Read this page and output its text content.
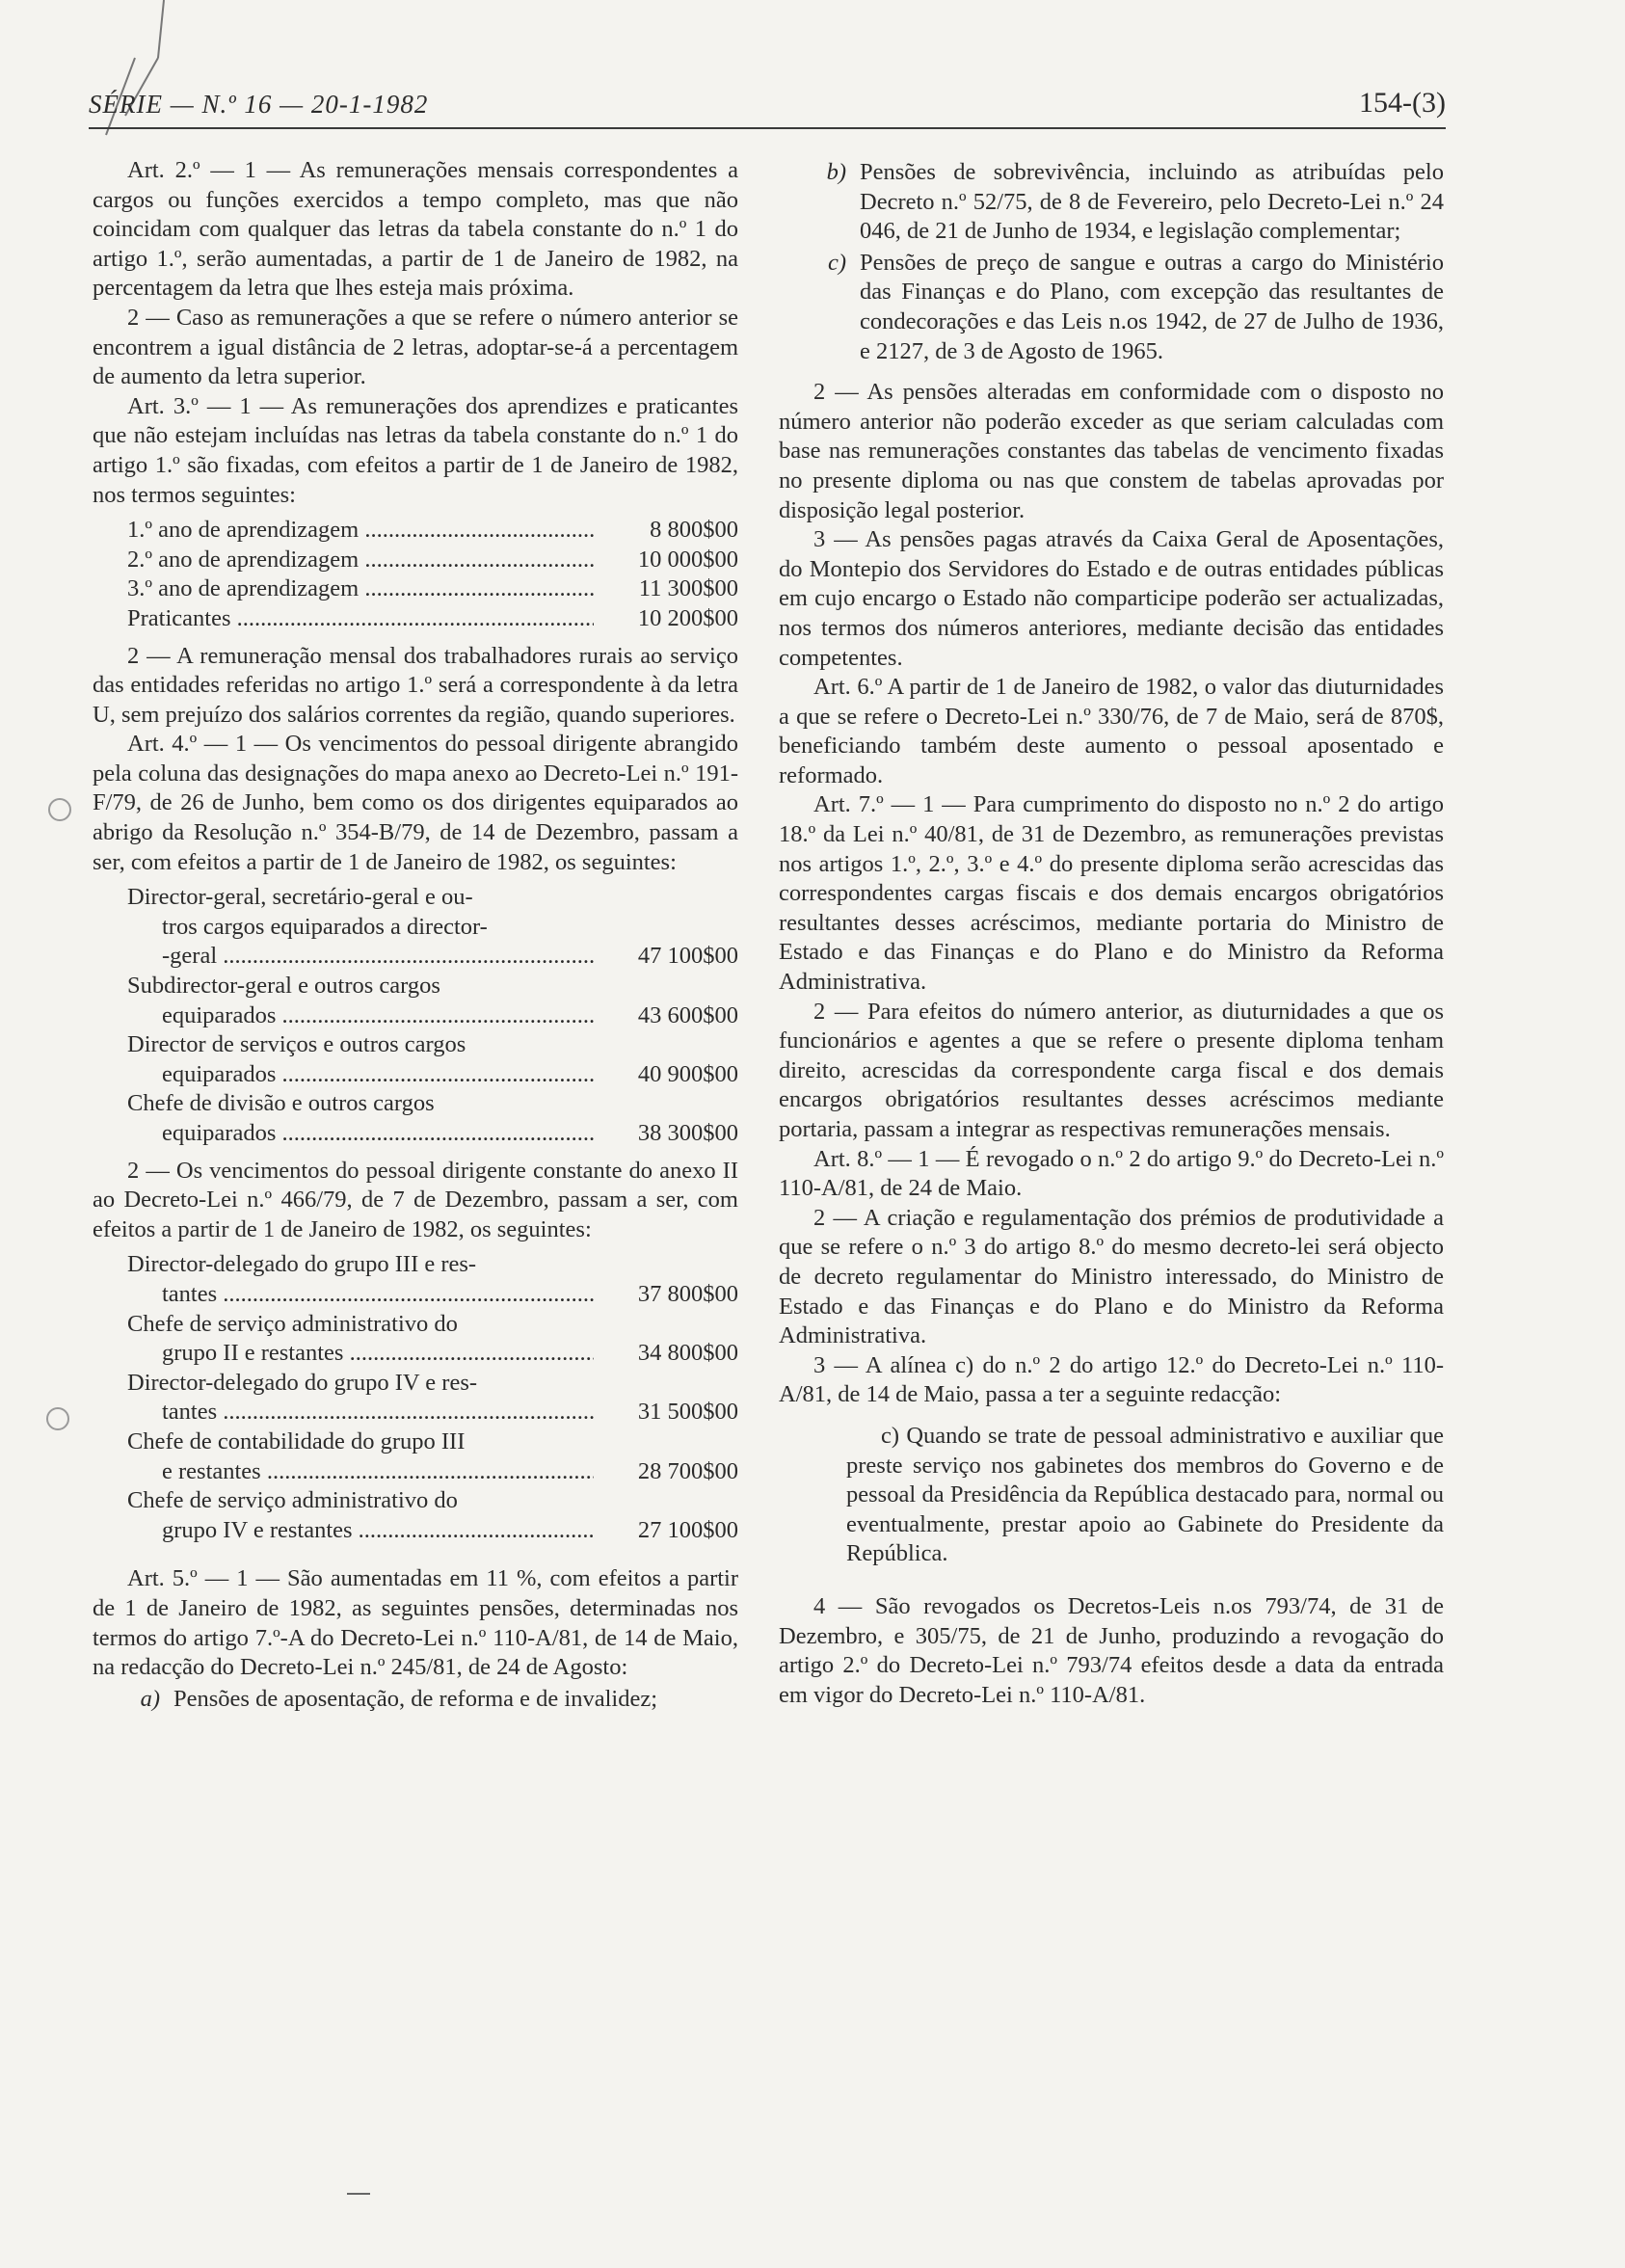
SÉRIE — N.º 16 — 20-1-1982	154-(3)

Art. 2.º — 1 — As remunerações mensais correspondentes a cargos ou funções exercidos a tempo completo, mas que não coincidam com qualquer das letras da tabela constante do n.º 1 do artigo 1.º, serão aumentadas, a partir de 1 de Janeiro de 1982, na percentagem da letra que lhes esteja mais próxima.

2 — Caso as remunerações a que se refere o número anterior se encontrem a igual distância de 2 letras, adoptar-se-á a percentagem de aumento da letra superior.

Art. 3.º — 1 — As remunerações dos aprendizes e praticantes que não estejam incluídas nas letras da tabela constante do n.º 1 do artigo 1.º são fixadas, com efeitos a partir de 1 de Janeiro de 1982, nos termos seguintes:

1.º ano de aprendizagem .....	8 800$00
2.º ano de aprendizagem .....	10 000$00
3.º ano de aprendizagem .....	11 300$00
Praticantes .....	10 200$00

2 — A remuneração mensal dos trabalhadores rurais ao serviço das entidades referidas no artigo 1.º será a correspondente à da letra U, sem prejuízo dos salários correntes da região, quando superiores.

Art. 4.º — 1 — Os vencimentos do pessoal dirigente abrangido pela coluna das designações do mapa anexo ao Decreto-Lei n.º 191-F/79, de 26 de Junho, bem como os dos dirigentes equiparados ao abrigo da Resolução n.º 354-B/79, de 14 de Dezembro, passam a ser, com efeitos a partir de 1 de Janeiro de 1982, os seguintes:

Director-geral, secretário-geral e ou-
tros cargos equiparados a director-
-geral .....	47 100$00
Subdirector-geral e outros cargos
equiparados .....	43 600$00
Director de serviços e outros cargos
equiparados .....	40 900$00
Chefe de divisão e outros cargos
equiparados .....	38 300$00

2 — Os vencimentos do pessoal dirigente constante do anexo II ao Decreto-Lei n.º 466/79, de 7 de Dezembro, passam a ser, com efeitos a partir de 1 de Janeiro de 1982, os seguintes:

Director-delegado do grupo III e res-
tantes .....	37 800$00
Chefe de serviço administrativo do
grupo II e restantes .....	34 800$00
Director-delegado do grupo IV e res-
tantes .....	31 500$00
Chefe de contabilidade do grupo III
e restantes .....	28 700$00
Chefe de serviço administrativo do
grupo IV e restantes .....	27 100$00

Art. 5.º — 1 — São aumentadas em 11 %, com efeitos a partir de 1 de Janeiro de 1982, as seguintes pensões, determinadas nos termos do artigo 7.º-A do Decreto-Lei n.º 110-A/81, de 14 de Maio, na redacção do Decreto-Lei n.º 245/81, de 24 de Agosto:

a) Pensões de aposentação, de reforma e de invalidez;
b) Pensões de sobrevivência, incluindo as atribuídas pelo Decreto n.º 52/75, de 8 de Fevereiro, pelo Decreto-Lei n.º 24 046, de 21 de Junho de 1934, e legislação complementar;
c) Pensões de preço de sangue e outras a cargo do Ministério das Finanças e do Plano, com excepção das resultantes de condecorações e das Leis n.os 1942, de 27 de Julho de 1936, e 2127, de 3 de Agosto de 1965.

2 — As pensões alteradas em conformidade com o disposto no número anterior não poderão exceder as que seriam calculadas com base nas remunerações constantes das tabelas de vencimento fixadas no presente diploma ou nas que constem de tabelas aprovadas por disposição legal posterior.

3 — As pensões pagas através da Caixa Geral de Aposentações, do Montepio dos Servidores do Estado e de outras entidades públicas em cujo encargo o Estado não comparticipe poderão ser actualizadas, nos termos dos números anteriores, mediante decisão das entidades competentes.

Art. 6.º A partir de 1 de Janeiro de 1982, o valor das diuturnidades a que se refere o Decreto-Lei n.º 330/76, de 7 de Maio, será de 870$, beneficiando também deste aumento o pessoal aposentado e reformado.

Art. 7.º — 1 — Para cumprimento do disposto no n.º 2 do artigo 18.º da Lei n.º 40/81, de 31 de Dezembro, as remunerações previstas nos artigos 1.º, 2.º, 3.º e 4.º do presente diploma serão acrescidas das correspondentes cargas fiscais e dos demais encargos obrigatórios resultantes desses acréscimos, mediante portaria do Ministro de Estado e das Finanças e do Plano e do Ministro da Reforma Administrativa.

2 — Para efeitos do número anterior, as diuturnidades a que os funcionários e agentes a que se refere o presente diploma tenham direito, acrescidas da correspondente carga fiscal e dos demais encargos obrigatórios resultantes desses acréscimos mediante portaria, passam a integrar as respectivas remunerações mensais.

Art. 8.º — 1 — É revogado o n.º 2 do artigo 9.º do Decreto-Lei n.º 110-A/81, de 24 de Maio.

2 — A criação e regulamentação dos prémios de produtividade a que se refere o n.º 3 do artigo 8.º do mesmo decreto-lei será objecto de decreto regulamentar do Ministro interessado, do Ministro de Estado e das Finanças e do Plano e do Ministro da Reforma Administrativa.

3 — A alínea c) do n.º 2 do artigo 12.º do Decreto-Lei n.º 110-A/81, de 14 de Maio, passa a ter a seguinte redacção:

c) Quando se trate de pessoal administrativo e auxiliar que preste serviço nos gabinetes dos membros do Governo e de pessoal da Presidência da República destacado para, normal ou eventualmente, prestar apoio ao Gabinete do Presidente da República.

4 — São revogados os Decretos-Leis n.os 793/74, de 31 de Dezembro, e 305/75, de 21 de Junho, produzindo a revogação do artigo 2.º do Decreto-Lei n.º 793/74 efeitos desde a data da entrada em vigor do Decreto-Lei n.º 110-A/81.
